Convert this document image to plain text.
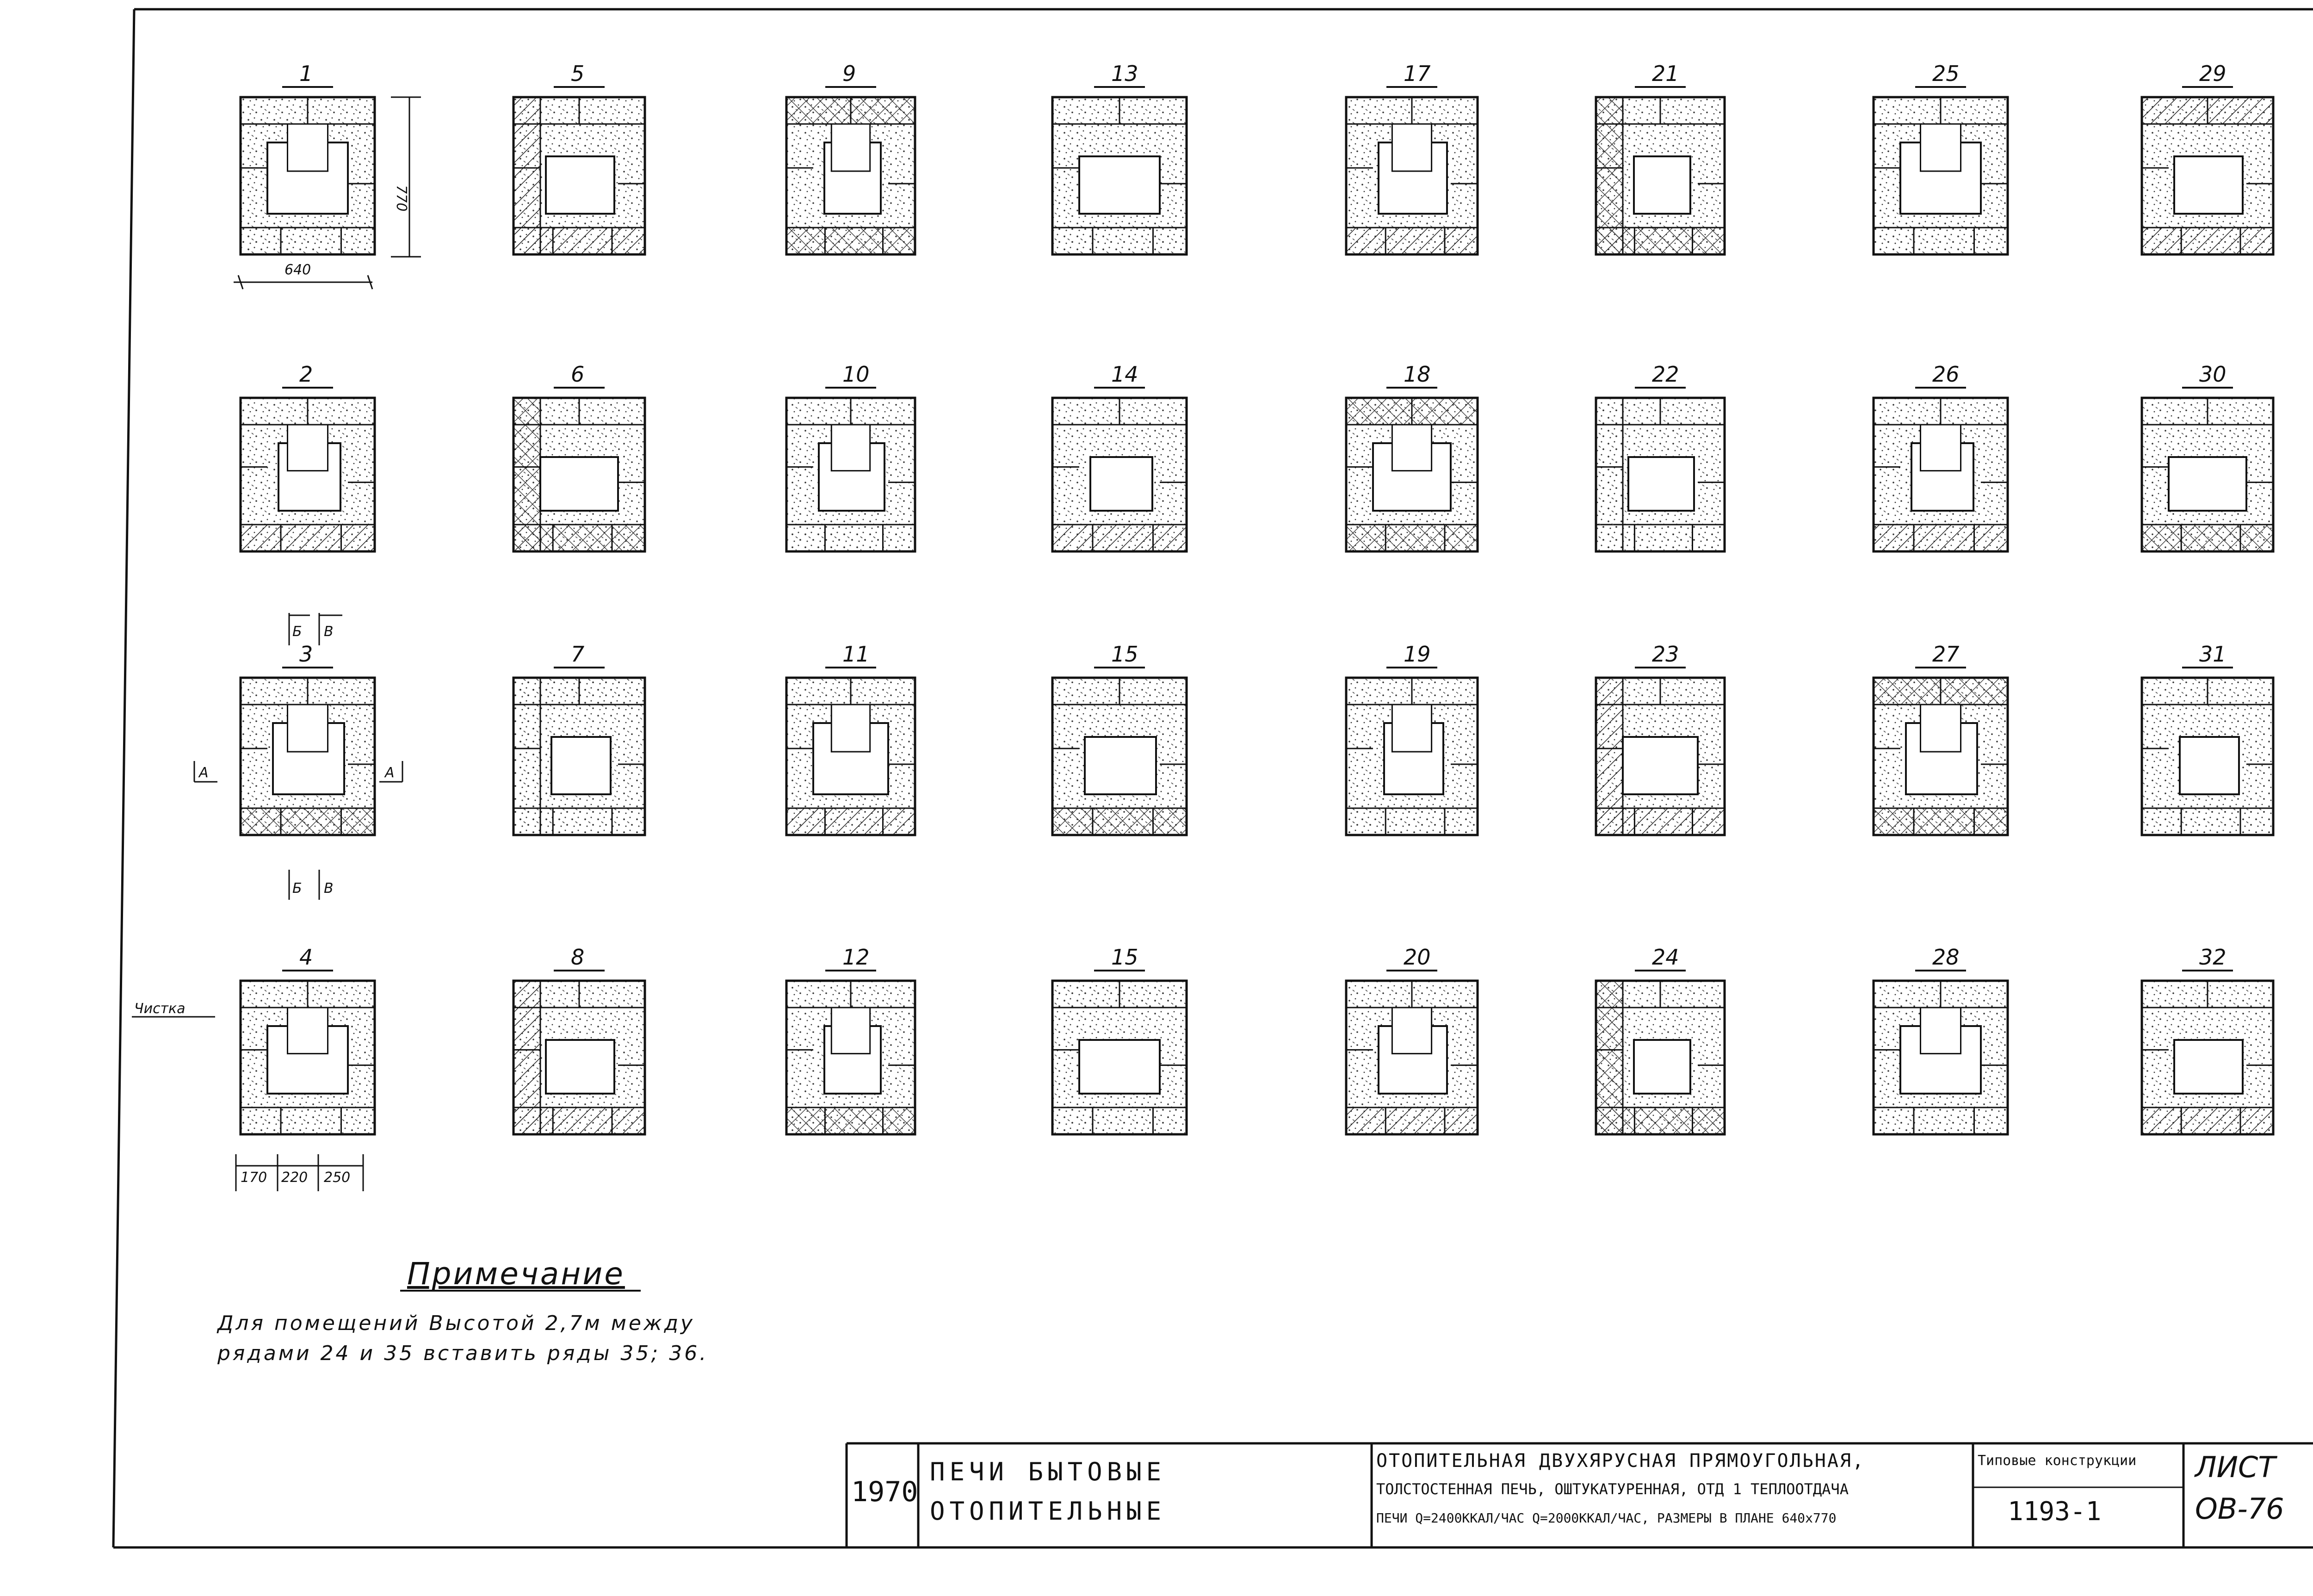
1	5	9	13	17	21	25	29
2	6	10	14	18	22	26	30
3	7	11	15	19	23	27	31
4	8	12	15	20	24	28	32
640
770
170 220 250
Б В
Б В
А	А
Чистка
Примечание
Для помещений Высотой 2,7м между
рядами 24 и 35 вставить ряды 35; 36.
1970
ПЕЧИ БЫТОВЫЕ
ОТОПИТЕЛЬНЫЕ
ОТОПИТЕЛЬНАЯ ДВУХЯРУСНАЯ ПРЯМОУГОЛЬНАЯ,
ТОЛСТОСТЕННАЯ ПЕЧЬ, ОШТУКАТУРЕННАЯ, ОТД 1 ТЕПЛООТДАЧА
ПЕЧИ Q=2400ККАЛ/ЧАС Q=2000ККАЛ/ЧАС, РАЗМЕРЫ В ПЛАНЕ 640х770
Типовые конструкции
1193-1
ЛИСТ
ОВ-76
